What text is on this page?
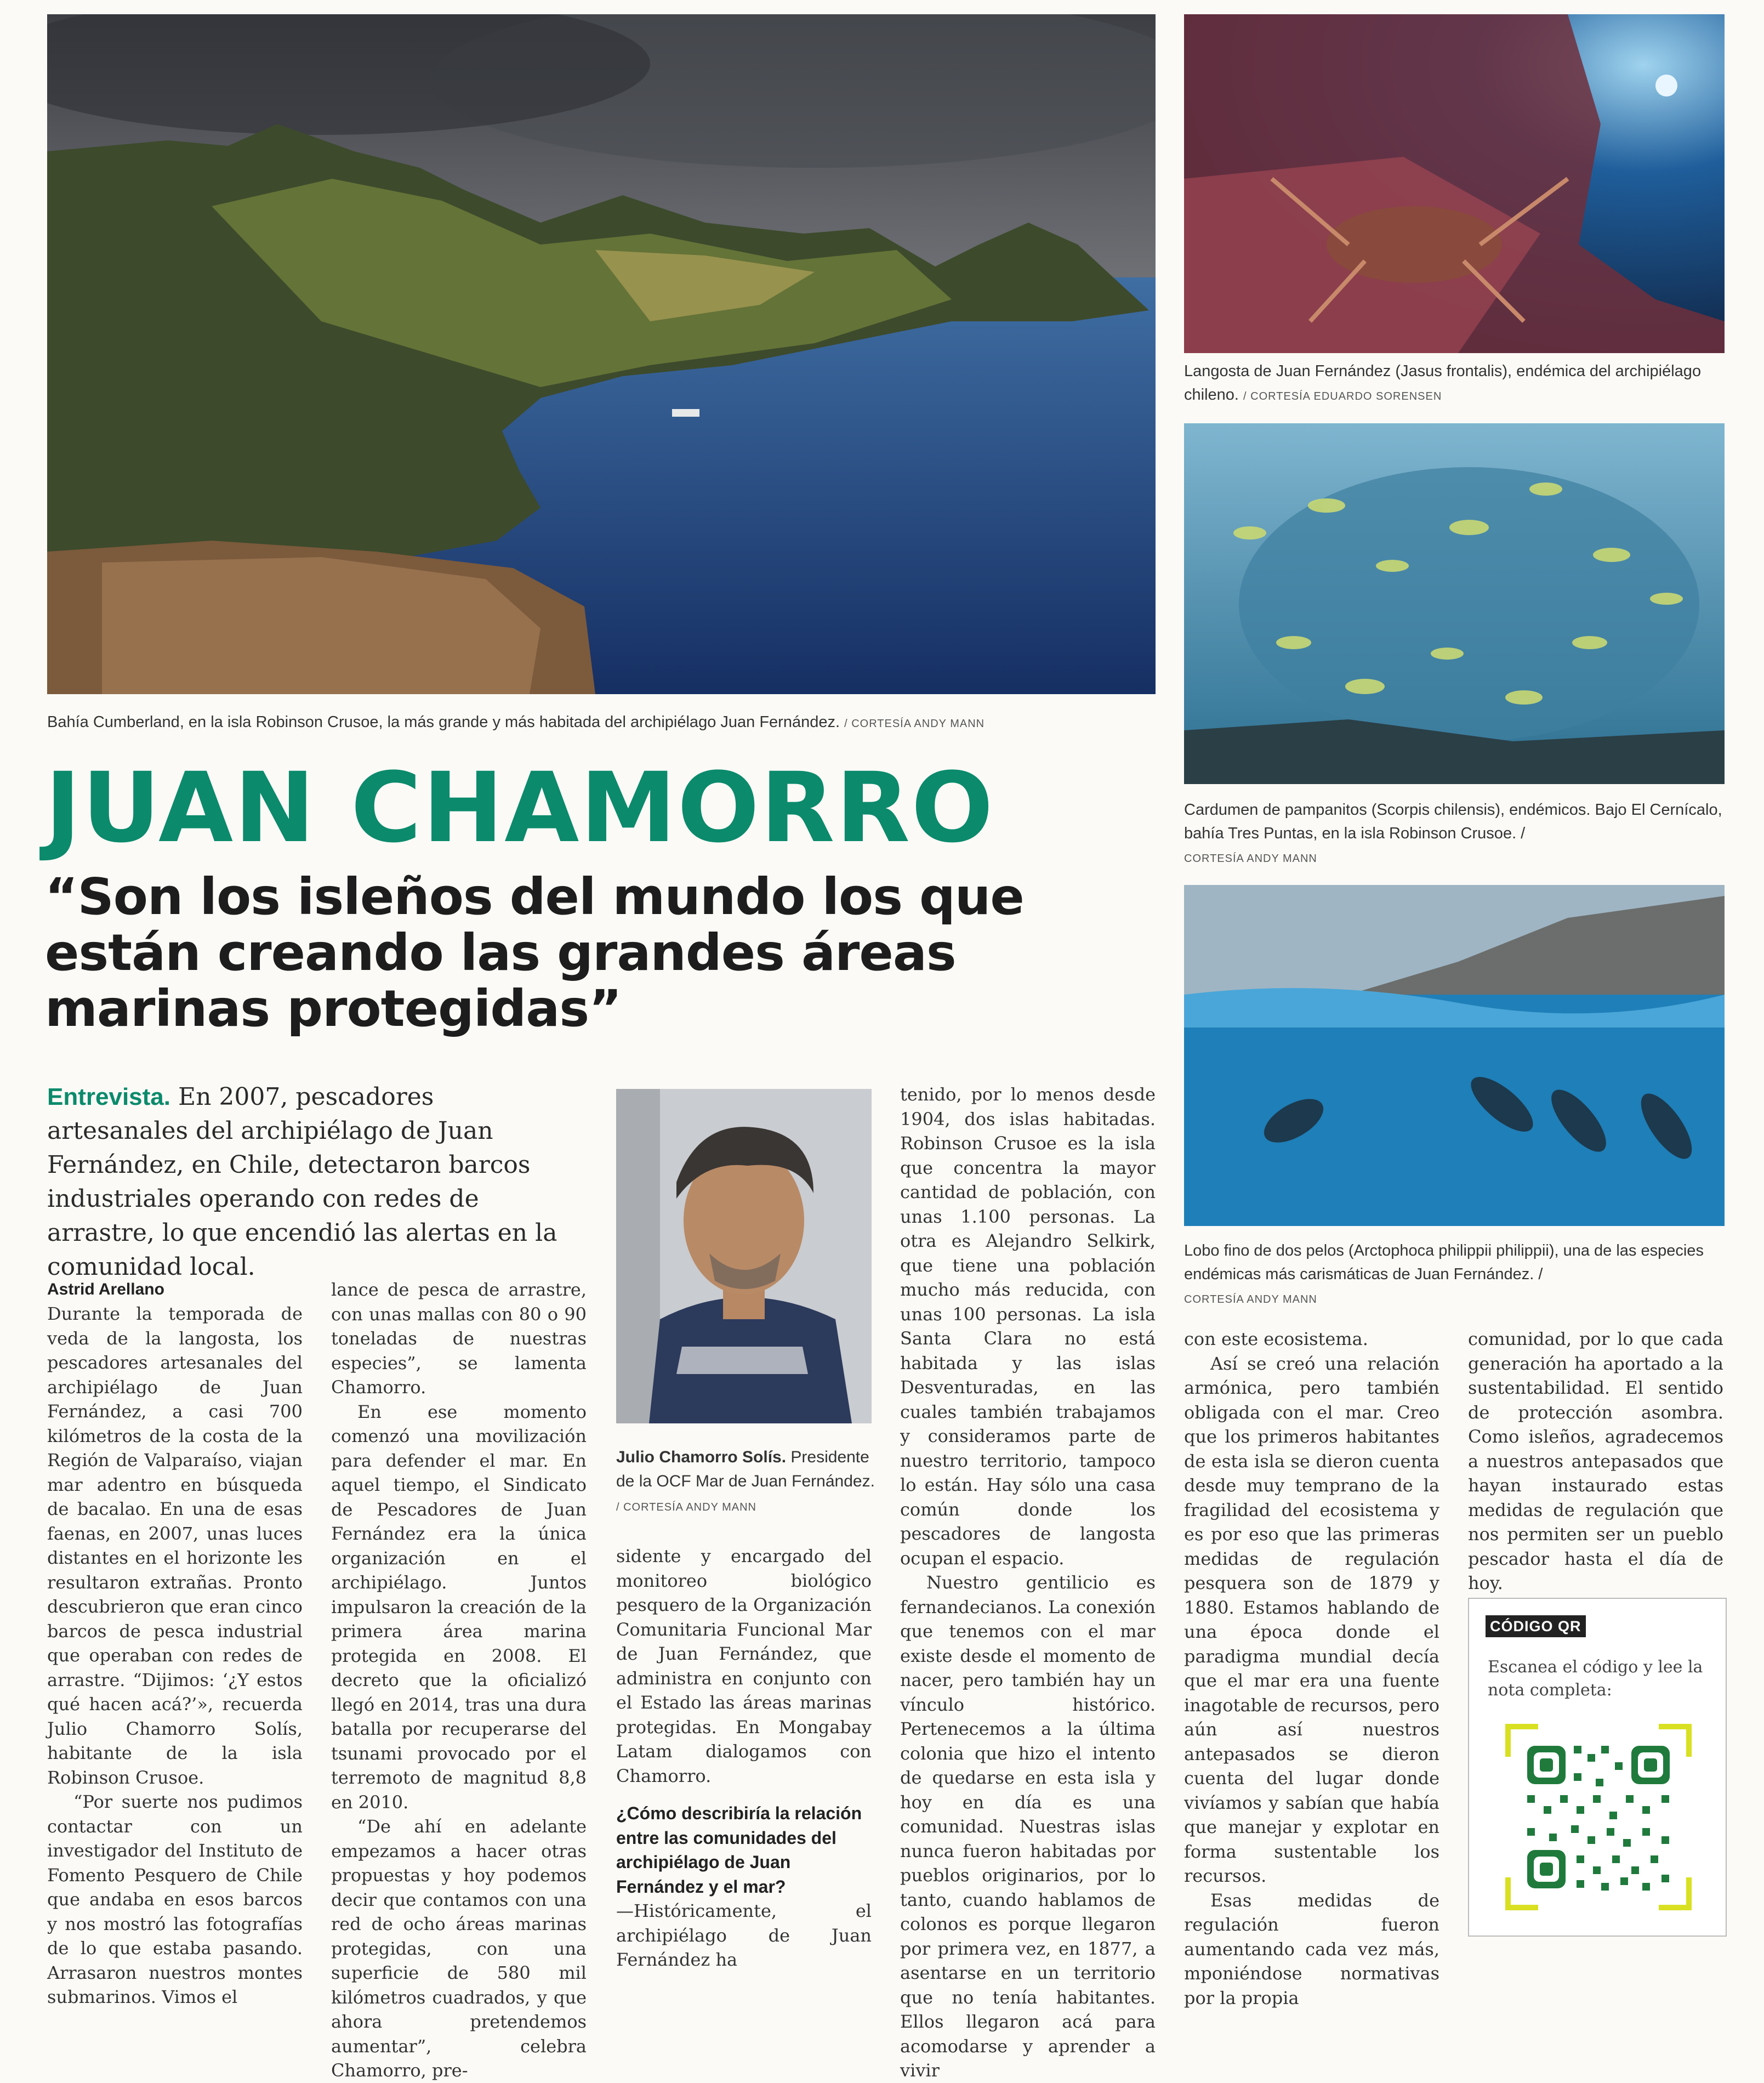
Bahía Cumberland, en la isla Robinson Crusoe, la más grande y más habitada del archipiélago Juan Fernández. / CORTESÍA ANDY MANN
Langosta de Juan Fernández (Jasus frontalis), endémica del archipiélago chileno. / CORTESÍA EDUARDO SORENSEN
Cardumen de pampanitos (Scorpis chilensis), endémicos. Bajo El Cernícalo, bahía Tres Puntas, en la isla Robinson Crusoe. /
CORTESÍA ANDY MANN
Lobo fino de dos pelos (Arctophoca philippii philippii), una de las especies endémicas más carismáticas de Juan Fernández. /
CORTESÍA ANDY MANN
JUAN CHAMORRO
“Son los isleños del mundo los que están creando las grandes áreas marinas protegidas”
Entrevista. En 2007, pescadores artesanales del archipiélago de Juan Fernández, en Chile, detectaron barcos industriales operando con redes de arrastre, lo que encendió las alertas en la comunidad local.
Julio Chamorro Solís. Presidente de la OCF Mar de Juan Fernández. / CORTESÍA ANDY MANN
Astrid Arellano

Durante la temporada de veda de la langosta, los pescadores artesanales del archipiélago de Juan Fernández, a casi 700 kilómetros de la costa de la Región de Valparaíso, viajan mar adentro en búsqueda de bacalao. En una de esas faenas, en 2007, unas luces distantes en el horizonte les resultaron extrañas. Pronto descubrieron que eran cinco barcos de pesca industrial que operaban con redes de arrastre. “Dijimos: ‘¿Y estos qué hacen acá?’», recuerda Julio Chamorro Solís, habitante de la isla Robinson Crusoe.

“Por suerte nos pudimos contactar con un investigador del Instituto de Fomento Pesquero de Chile que andaba en esos barcos y nos mostró las fotografías de lo que estaba pasando. Arrasaron nuestros montes submarinos. Vimos el

lance de pesca de arrastre, con unas mallas con 80 o 90 toneladas de nuestras especies”, se lamenta Chamorro.

En ese momento comenzó una movilización para defender el mar. En aquel tiempo, el Sindicato de Pescadores de Juan Fernández era la única organización en el archipiélago. Juntos impulsaron la creación de la primera área marina protegida en 2008. El decreto que la oficializó llegó en 2014, tras una dura batalla por recuperarse del tsunami provocado por el terremoto de magnitud 8,8 en 2010.

“De ahí en adelante empezamos a hacer otras propuestas y hoy podemos decir que contamos con una red de ocho áreas marinas protegidas, con una superficie de 580 mil kilómetros cuadrados, y que ahora pretendemos aumentar”, celebra Chamorro, pre-

sidente y encargado del monitoreo biológico pesquero de la Organización Comunitaria Funcional Mar de Juan Fernández, que administra en conjunto con el Estado las áreas marinas protegidas. En Mongabay Latam dialogamos con Chamorro.

¿Cómo describiría la relación entre las comunidades del archipiélago de Juan Fernández y el mar?

—Históricamente, el archipiélago de Juan Fernández ha

tenido, por lo menos desde 1904, dos islas habitadas. Robinson Crusoe es la isla que concentra la mayor cantidad de población, con unas 1.100 personas. La otra es Alejandro Selkirk, que tiene una población mucho más reducida, con unas 100 personas. La isla Santa Clara no está habitada y las islas Desventuradas, en las cuales también trabajamos y consideramos parte de nuestro territorio, tampoco lo están. Hay sólo una casa común donde los pescadores de langosta ocupan el espacio.

Nuestro gentilicio es fernandecianos. La conexión que tenemos con el mar existe desde el momento de nacer, pero también hay un vínculo histórico. Pertenecemos a la última colonia que hizo el intento de quedarse en esta isla y hoy en día es una comunidad. Nuestras islas nunca fueron habitadas por pueblos originarios, por lo tanto, cuando hablamos de colonos es porque llegaron por primera vez, en 1877, a asentarse en un territorio que no tenía habitantes. Ellos llegaron acá para acomodarse y aprender a vivir

con este ecosistema.

Así se creó una relación armónica, pero también obligada con el mar. Creo que los primeros habitantes de esta isla se dieron cuenta desde muy temprano de la fragilidad del ecosistema y es por eso que las primeras medidas de regulación pesquera son de 1879 y 1880. Estamos hablando de una época donde el paradigma mundial decía que el mar era una fuente inagotable de recursos, pero aún así nuestros antepasados se dieron cuenta del lugar donde vivíamos y sabían que había que manejar y explotar en forma sustentable los recursos.

Esas medidas de regulación fueron aumentando cada vez más, mponiéndose normativas por la propia

comunidad, por lo que cada generación ha aportado a la sustentabilidad. El sentido de protección asombra. Como isleños, agradecemos a nuestros antepasados que hayan instaurado estas medidas de regulación que nos permiten ser un pueblo pescador hasta el día de hoy.

CÓDIGO QR
Escanea el código y lee la nota completa:
